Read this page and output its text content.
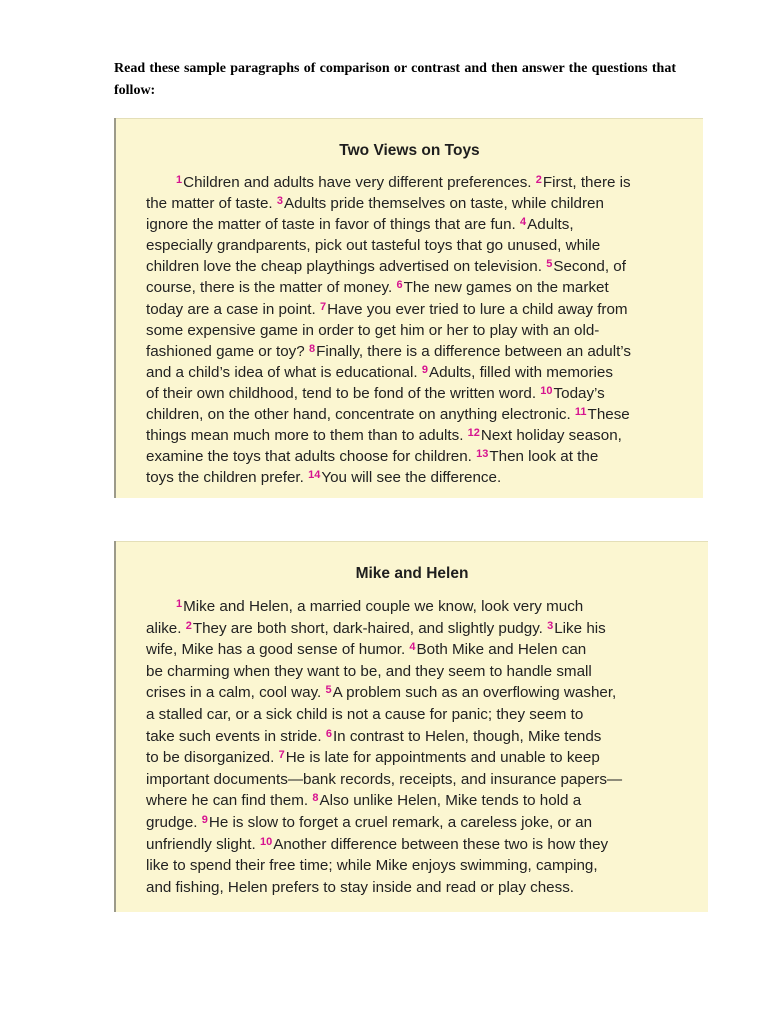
Read these sample paragraphs of comparison or contrast and then answer the questions that follow:
Two Views on Toys

$^1$Children and adults have very different preferences. $^2$First, there is
the matter of taste. $^3$Adults pride themselves on taste, while children
ignore the matter of taste in favor of things that are fun. $^4$Adults,
especially grandparents, pick out tasteful toys that go unused, while
children love the cheap playthings advertised on television. $^5$Second, of
course, there is the matter of money. $^6$The new games on the market
today are a case in point. $^7$Have you ever tried to lure a child away from
some expensive game in order to get him or her to play with an old-
fashioned game or toy? $^8$Finally, there is a difference between an adult’s
and a child’s idea of what is educational. $^9$Adults, filled with memories
of their own childhood, tend to be fond of the written word. $^{10}$Today’s
children, on the other hand, concentrate on anything electronic. $^{11}$These
things mean much more to them than to adults. $^{12}$Next holiday season,
examine the toys that adults choose for children. $^{13}$Then look at the
toys the children prefer. $^{14}$You will see the difference.

Mike and Helen

$^1$Mike and Helen, a married couple we know, look very much
alike. $^2$They are both short, dark-haired, and slightly pudgy. $^3$Like his
wife, Mike has a good sense of humor. $^4$Both Mike and Helen can
be charming when they want to be, and they seem to handle small
crises in a calm, cool way. $^5$A problem such as an overflowing washer,
a stalled car, or a sick child is not a cause for panic; they seem to
take such events in stride. $^6$In contrast to Helen, though, Mike tends
to be disorganized. $^7$He is late for appointments and unable to keep
important documents—bank records, receipts, and insurance papers—
where he can find them. $^8$Also unlike Helen, Mike tends to hold a
grudge. $^9$He is slow to forget a cruel remark, a careless joke, or an
unfriendly slight. $^{10}$Another difference between these two is how they
like to spend their free time; while Mike enjoys swimming, camping,
and fishing, Helen prefers to stay inside and read or play chess.
